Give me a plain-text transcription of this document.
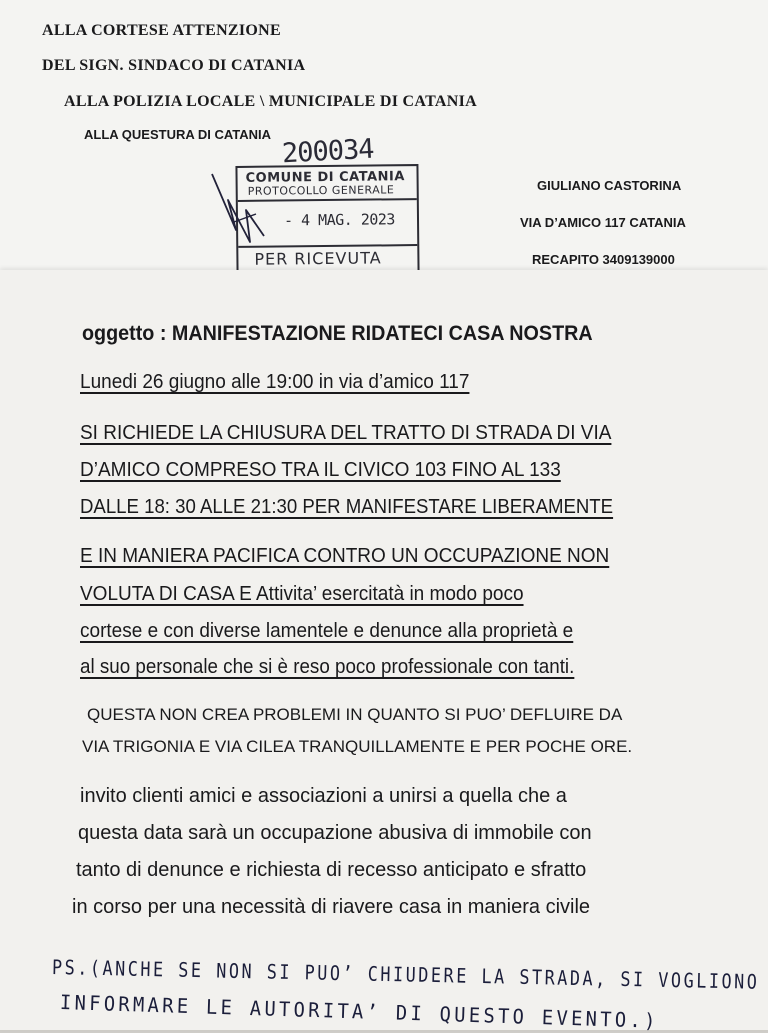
ALLA CORTESE ATTENZIONE
DEL SIGN. SINDACO DI CATANIA
ALLA POLIZIA LOCALE \ MUNICIPALE DI CATANIA
ALLA QUESTURA DI CATANIA 200034
COMUNE DI CATANIA
PROTOCOLLO GENERALE
- 4 MAG. 2023
PER RICEVUTA
GIULIANO CASTORINA
VIA D’AMICO 117 CATANIA
RECAPITO 3409139000
oggetto : MANIFESTAZIONE RIDATECI CASA NOSTRA
Lunedi 26 giugno alle 19:00 in via d’amico 117
SI RICHIEDE LA CHIUSURA DEL TRATTO DI STRADA DI VIA
D’AMICO COMPRESO TRA IL CIVICO 103 FINO AL 133
DALLE 18: 30 ALLE 21:30 PER MANIFESTARE LIBERAMENTE
E IN MANIERA PACIFICA CONTRO UN OCCUPAZIONE NON
VOLUTA DI CASA E Attivita’ esercitatà in modo poco
cortese e con diverse lamentele e denunce alla proprietà e
al suo personale che si è reso poco professionale con tanti.
QUESTA NON CREA PROBLEMI IN QUANTO SI PUO’ DEFLUIRE DA
VIA TRIGONIA E VIA CILEA TRANQUILLAMENTE E PER POCHE ORE.
invito clienti amici e associazioni a unirsi a quella che a
questa data sarà un occupazione abusiva di immobile con
tanto di denunce e richiesta di recesso anticipato e sfratto
in corso per una necessità di riavere casa in maniera civile
PS.(ANCHE SE NON SI PUO’ CHIUDERE LA STRADA, SI VOGLIONO
INFORMARE LE AUTORITA’ DI QUESTO EVENTO.)
